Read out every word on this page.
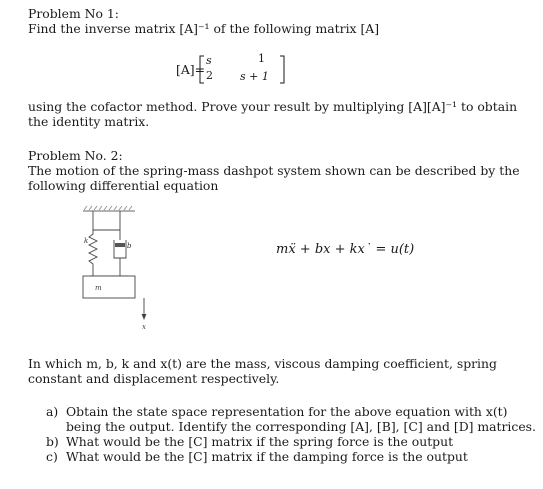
Problem No 1:
Find the inverse matrix [A]⁻¹ of the following matrix [A]
[A]=
s	1
2 s + 1
using the cofactor method. Prove your result by multiplying [A][A]⁻¹ to obtain
the identity matrix.
Problem No. 2:
The motion of the spring-mass dashpot system shown can be described by the
following differential equation
k
b
m
x
mẍ + bx + kx˙ = u(t)
In which m, b, k and x(t) are the mass, viscous damping coefficient, spring
constant and displacement respectively.
a) Obtain the state space representation for the above equation with x(t)
being the output. Identify the corresponding [A], [B], [C] and [D] matrices.
b) What would be the [C] matrix if the spring force is the output
c) What would be the [C] matrix if the damping force is the output
